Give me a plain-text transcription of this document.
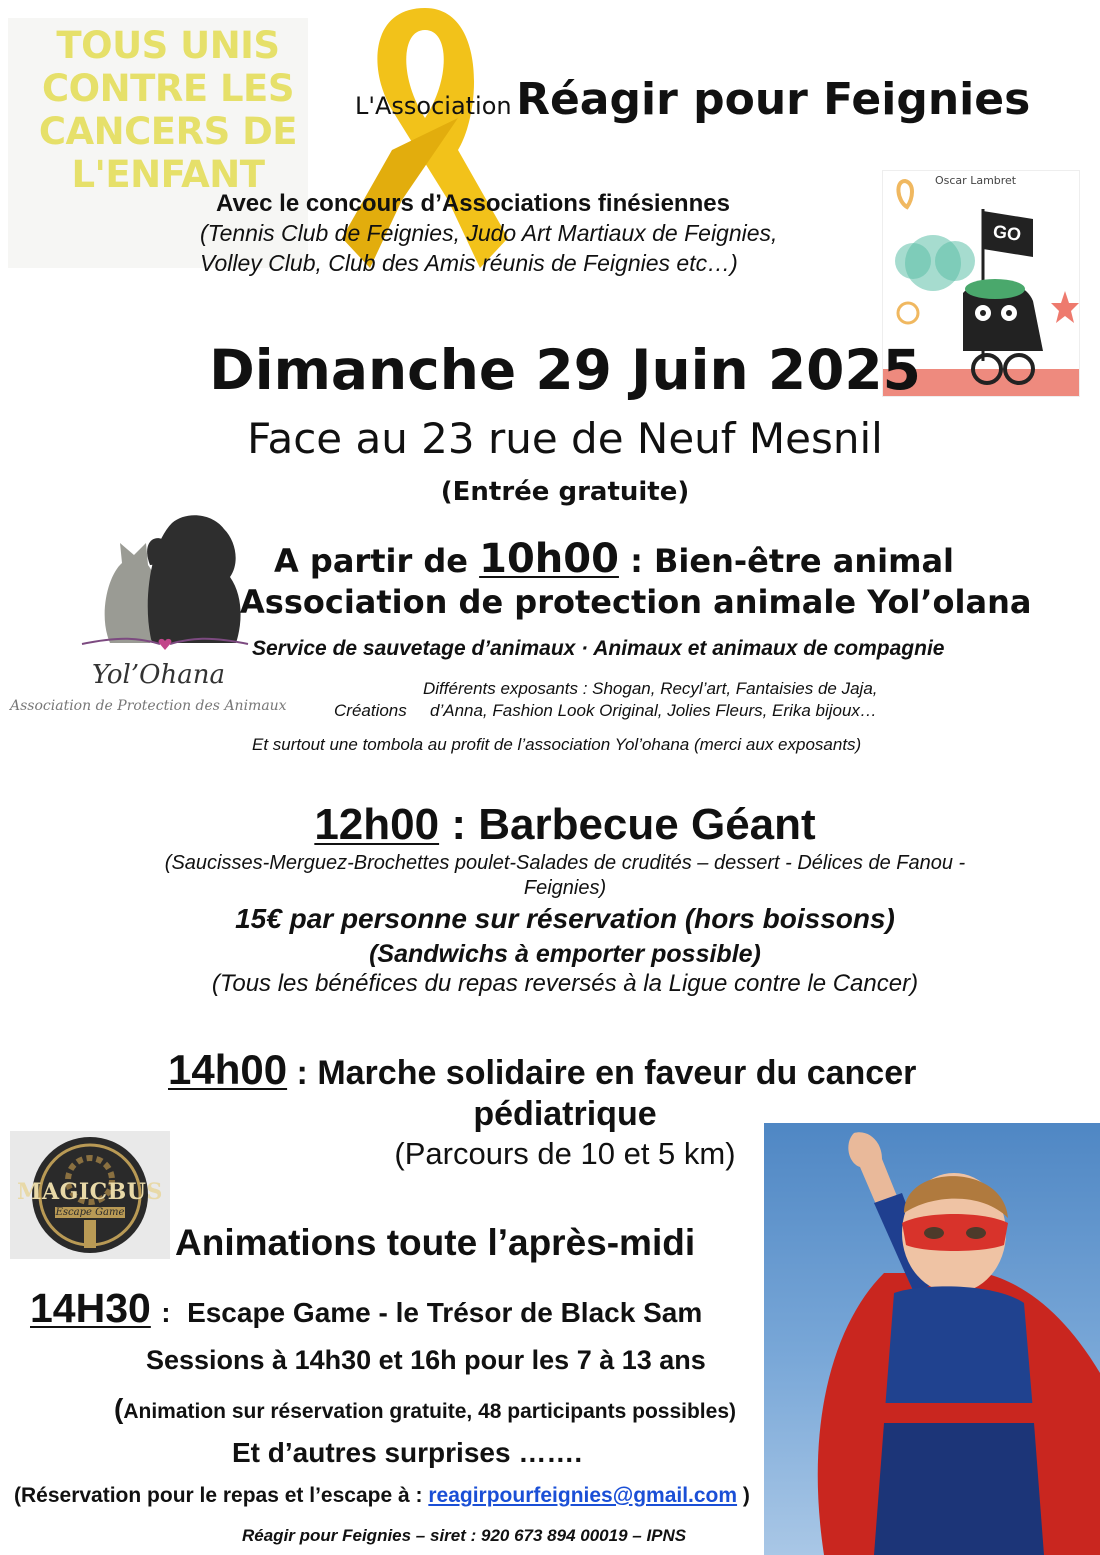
TOUS UNIS
CONTRE LES
CANCERS DE
L'ENFANT
L'Association Réagir pour Feignies
Avec le concours d’Associations finésiennes
(Tennis Club de Feignies, Judo Art Martiaux de Feignies,
Volley Club, Club des Amis réunis de Feignies etc…)
Oscar Lambret
GO
Dimanche 29 Juin 2025
Face au 23 rue de Neuf Mesnil
(Entrée gratuite)
Yol’Ohana
Association de Protection des Animaux
A partir de 10h00 : Bien-être animal
Association de protection animale Yol’olana
Service de sauvetage d’animaux · Animaux et animaux de compagnie
Différents exposants : Shogan, Recyl’art, Fantaisies de Jaja,
Créations d’Anna, Fashion Look Original, Jolies Fleurs, Erika bijoux…
Et surtout une tombola au profit de l’association Yol’ohana (merci aux exposants)
12h00 : Barbecue Géant
(Saucisses-Merguez-Brochettes poulet-Salades de crudités – dessert - Délices de Fanou -
Feignies)
15€ par personne sur réservation (hors boissons)
(Sandwichs à emporter possible)
(Tous les bénéfices du repas reversés à la Ligue contre le Cancer)
14h00 : Marche solidaire en faveur du cancer
pédiatrique
(Parcours de 10 et 5 km)
MAGICBUS
Escape Game
Animations toute l’après-midi
14H30 : Escape Game - le Trésor de Black Sam
Sessions à 14h30 et 16h pour les 7 à 13 ans
(Animation sur réservation gratuite, 48 participants possibles)
Et d’autres surprises …….
(Réservation pour le repas et l’escape à : reagirpourfeignies@gmail.com )
Réagir pour Feignies – siret : 920 673 894 00019 – IPNS
